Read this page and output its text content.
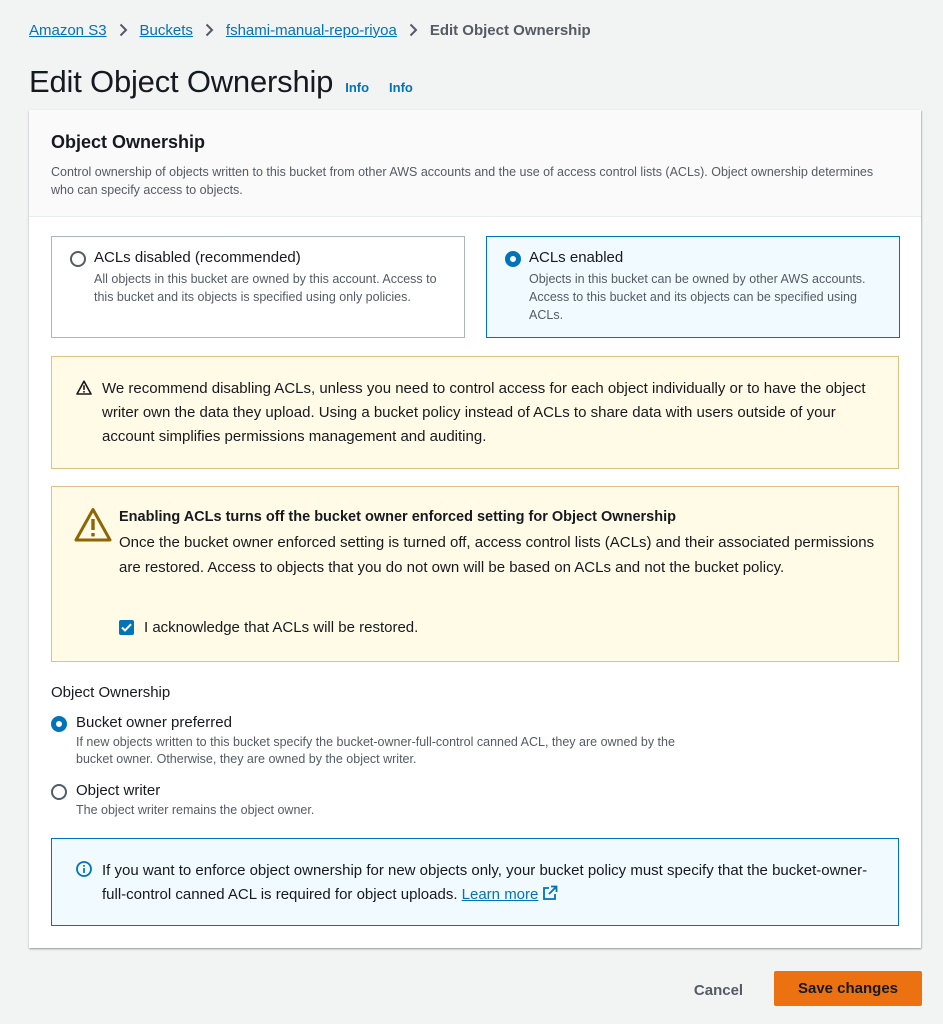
Amazon S3 Buckets fshami-manual-repo-riyoa Edit Object Ownership
Edit Object Ownership Info Info
Object Ownership

Control ownership of objects written to this bucket from other AWS accounts and the use of access control lists (ACLs). Object ownership determines who can specify access to objects.

ACLs disabled (recommended)
All objects in this bucket are owned by this account. Access to this bucket and its objects is specified using only policies.
ACLs enabled
Objects in this bucket can be owned by other AWS accounts. Access to this bucket and its objects can be specified using ACLs.

We recommend disabling ACLs, unless you need to control access for each object individually or to have the object writer own the data they upload. Using a bucket policy instead of ACLs to share data with users outside of your account simplifies permissions management and auditing.

Enabling ACLs turns off the bucket owner enforced setting for Object Ownership
Once the bucket owner enforced setting is turned off, access control lists (ACLs) and their associated permissions are restored. Access to objects that you do not own will be based on ACLs and not the bucket policy.
I acknowledge that ACLs will be restored.
Object Ownership
Bucket owner preferred
If new objects written to this bucket specify the bucket-owner-full-control canned ACL, they are owned by the bucket owner. Otherwise, they are owned by the object writer.
Object writer
The object writer remains the object owner.

If you want to enforce object ownership for new objects only, your bucket policy must specify that the bucket-owner-full-control canned ACL is required for object uploads. Learn more

Cancel	Save changes
